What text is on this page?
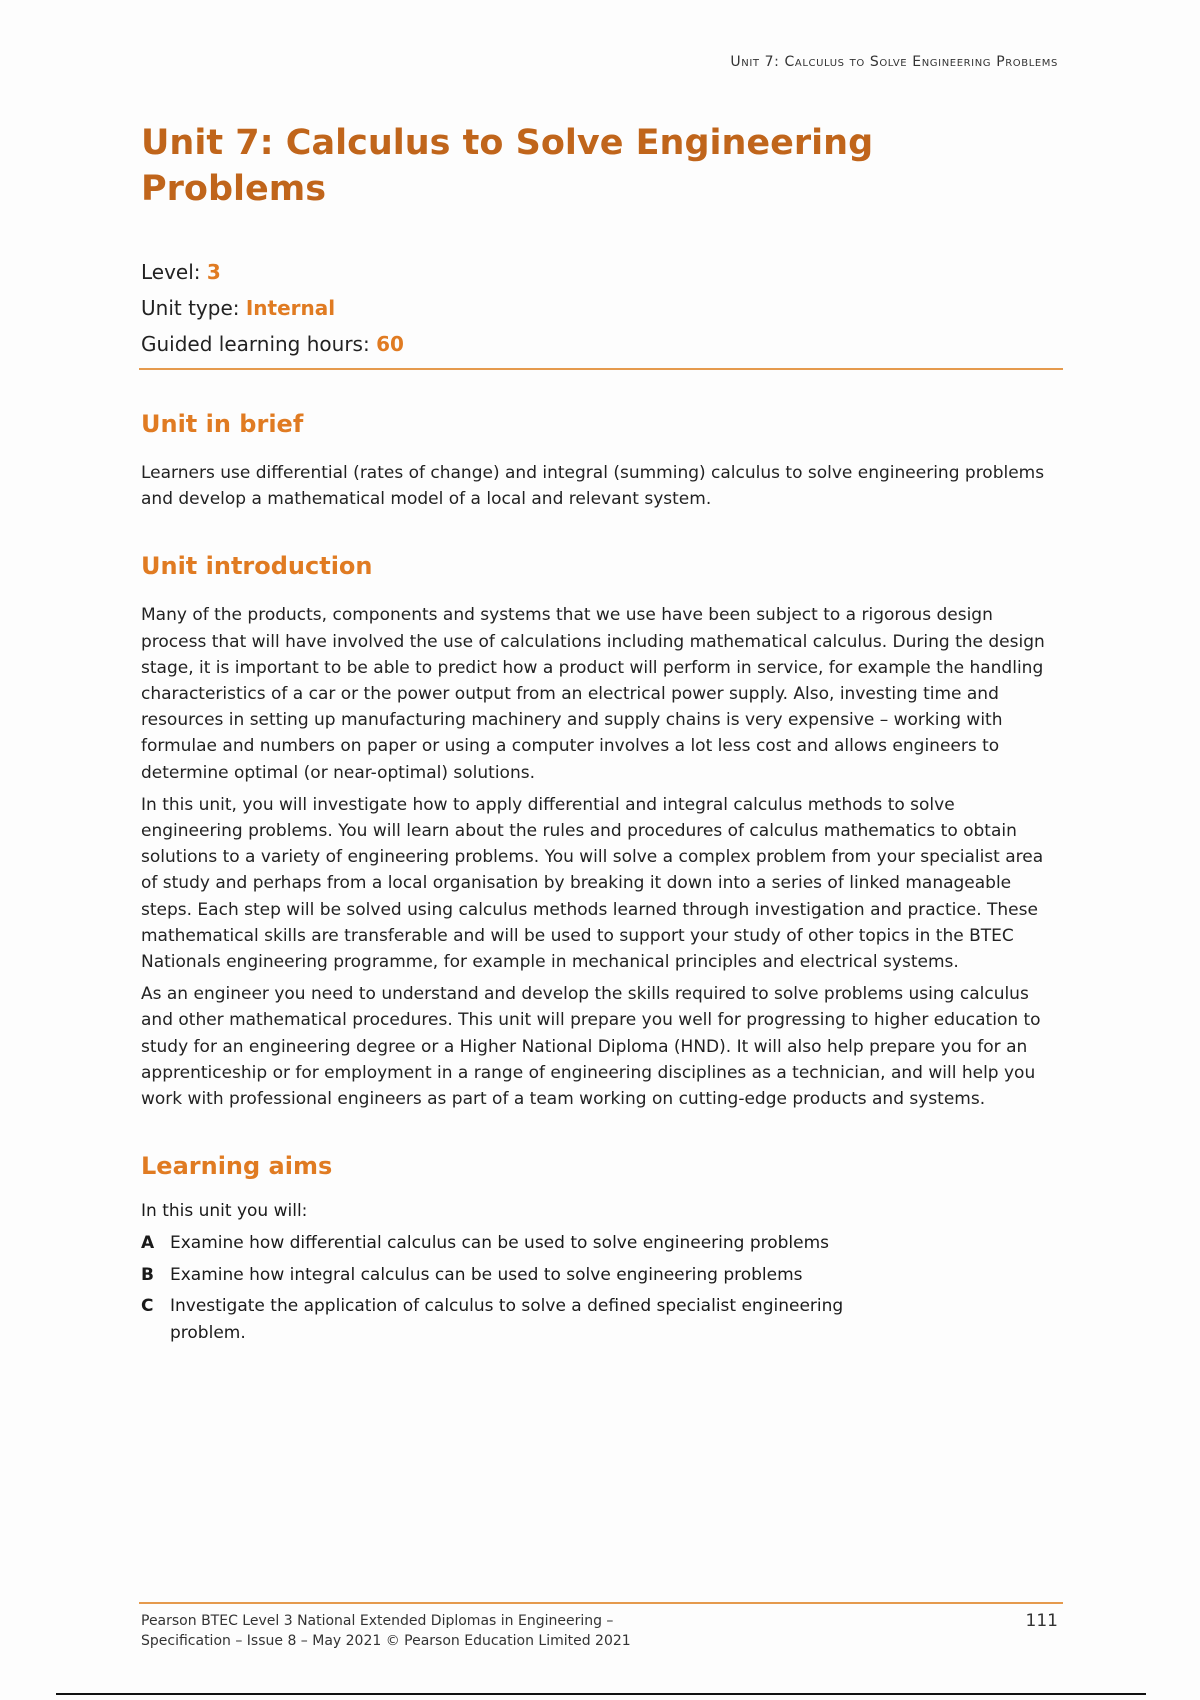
Unit 7: Calculus to Solve Engineering Problems
Unit 7: Calculus to Solve Engineering Problems
Level: 3
Unit type: Internal
Guided learning hours: 60
Unit in brief

Learners use differential (rates of change) and integral (summing) calculus to solve engineering problems and develop a mathematical model of a local and relevant system.

Unit introduction

Many of the products, components and systems that we use have been subject to a rigorous design process that will have involved the use of calculations including mathematical calculus. During the design stage, it is important to be able to predict how a product will perform in service, for example the handling characteristics of a car or the power output from an electrical power supply. Also, investing time and resources in setting up manufacturing machinery and supply chains is very expensive – working with formulae and numbers on paper or using a computer involves a lot less cost and allows engineers to determine optimal (or near-optimal) solutions.

In this unit, you will investigate how to apply differential and integral calculus methods to solve engineering problems. You will learn about the rules and procedures of calculus mathematics to obtain solutions to a variety of engineering problems. You will solve a complex problem from your specialist area of study and perhaps from a local organisation by breaking it down into a series of linked manageable steps. Each step will be solved using calculus methods learned through investigation and practice. These mathematical skills are transferable and will be used to support your study of other topics in the BTEC Nationals engineering programme, for example in mechanical principles and electrical systems.

As an engineer you need to understand and develop the skills required to solve problems using calculus and other mathematical procedures. This unit will prepare you well for progressing to higher education to study for an engineering degree or a Higher National Diploma (HND). It will also help prepare you for an apprenticeship or for employment in a range of engineering disciplines as a technician, and will help you work with professional engineers as part of a team working on cutting-edge products and systems.

Learning aims
In this unit you will:
A Examine how differential calculus can be used to solve engineering problems
B Examine how integral calculus can be used to solve engineering problems
C Investigate the application of calculus to solve a defined specialist engineering problem.
Pearson BTEC Level 3 National Extended Diplomas in Engineering –
Specification – Issue 8 – May 2021 © Pearson Education Limited 2021
111
